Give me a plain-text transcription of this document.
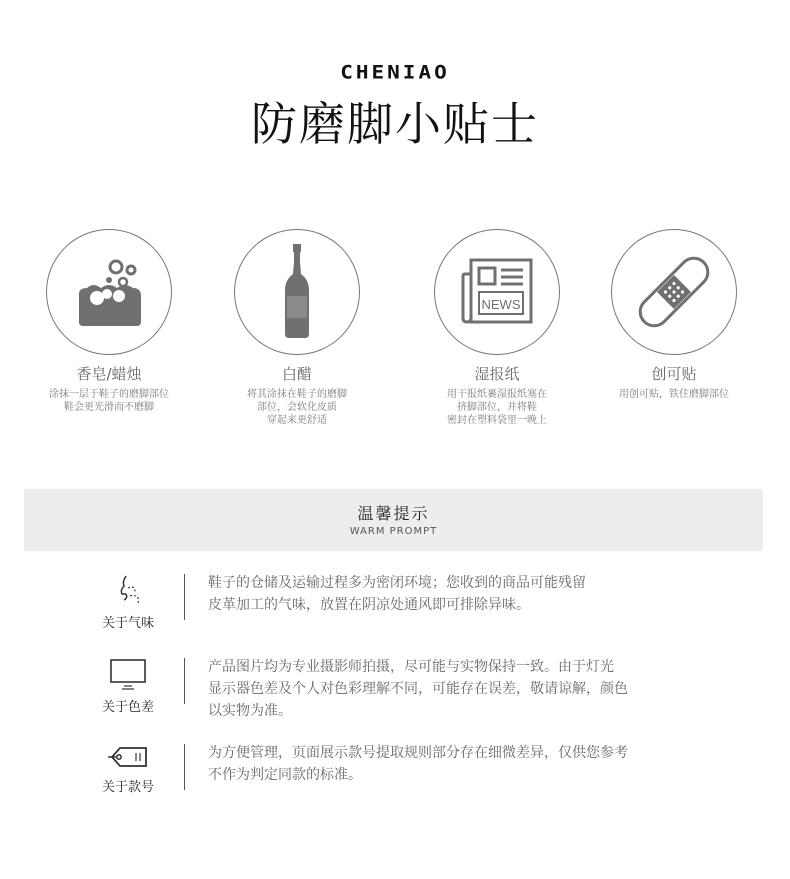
CHENIAO
防磨脚小贴士
香皂/蜡烛
涂抹一层于鞋子的磨脚部位
鞋会更光滑而不磨脚
白醋
将其涂抹在鞋子的磨脚
部位，会软化皮质
穿起来更舒适
NEWS
湿报纸
用干报纸裹湿报纸塞在
挤脚部位，并将鞋
密封在塑料袋里一晚上
创可贴
用创可贴，铁住磨脚部位
温馨提示
WARM PROMPT
关于气味
鞋子的仓储及运输过程多为密闭环境；您收到的商品可能残留
皮革加工的气味，放置在阴凉处通风即可排除异味。
关于色差
产品图片均为专业摄影师拍摄，尽可能与实物保持一致。由于灯光
显示器色差及个人对色彩理解不同，可能存在误差，敬请谅解，颜色
以实物为准。
关于款号
为方便管理，页面展示款号提取规则部分存在细微差异，仅供您参考
不作为判定同款的标准。
